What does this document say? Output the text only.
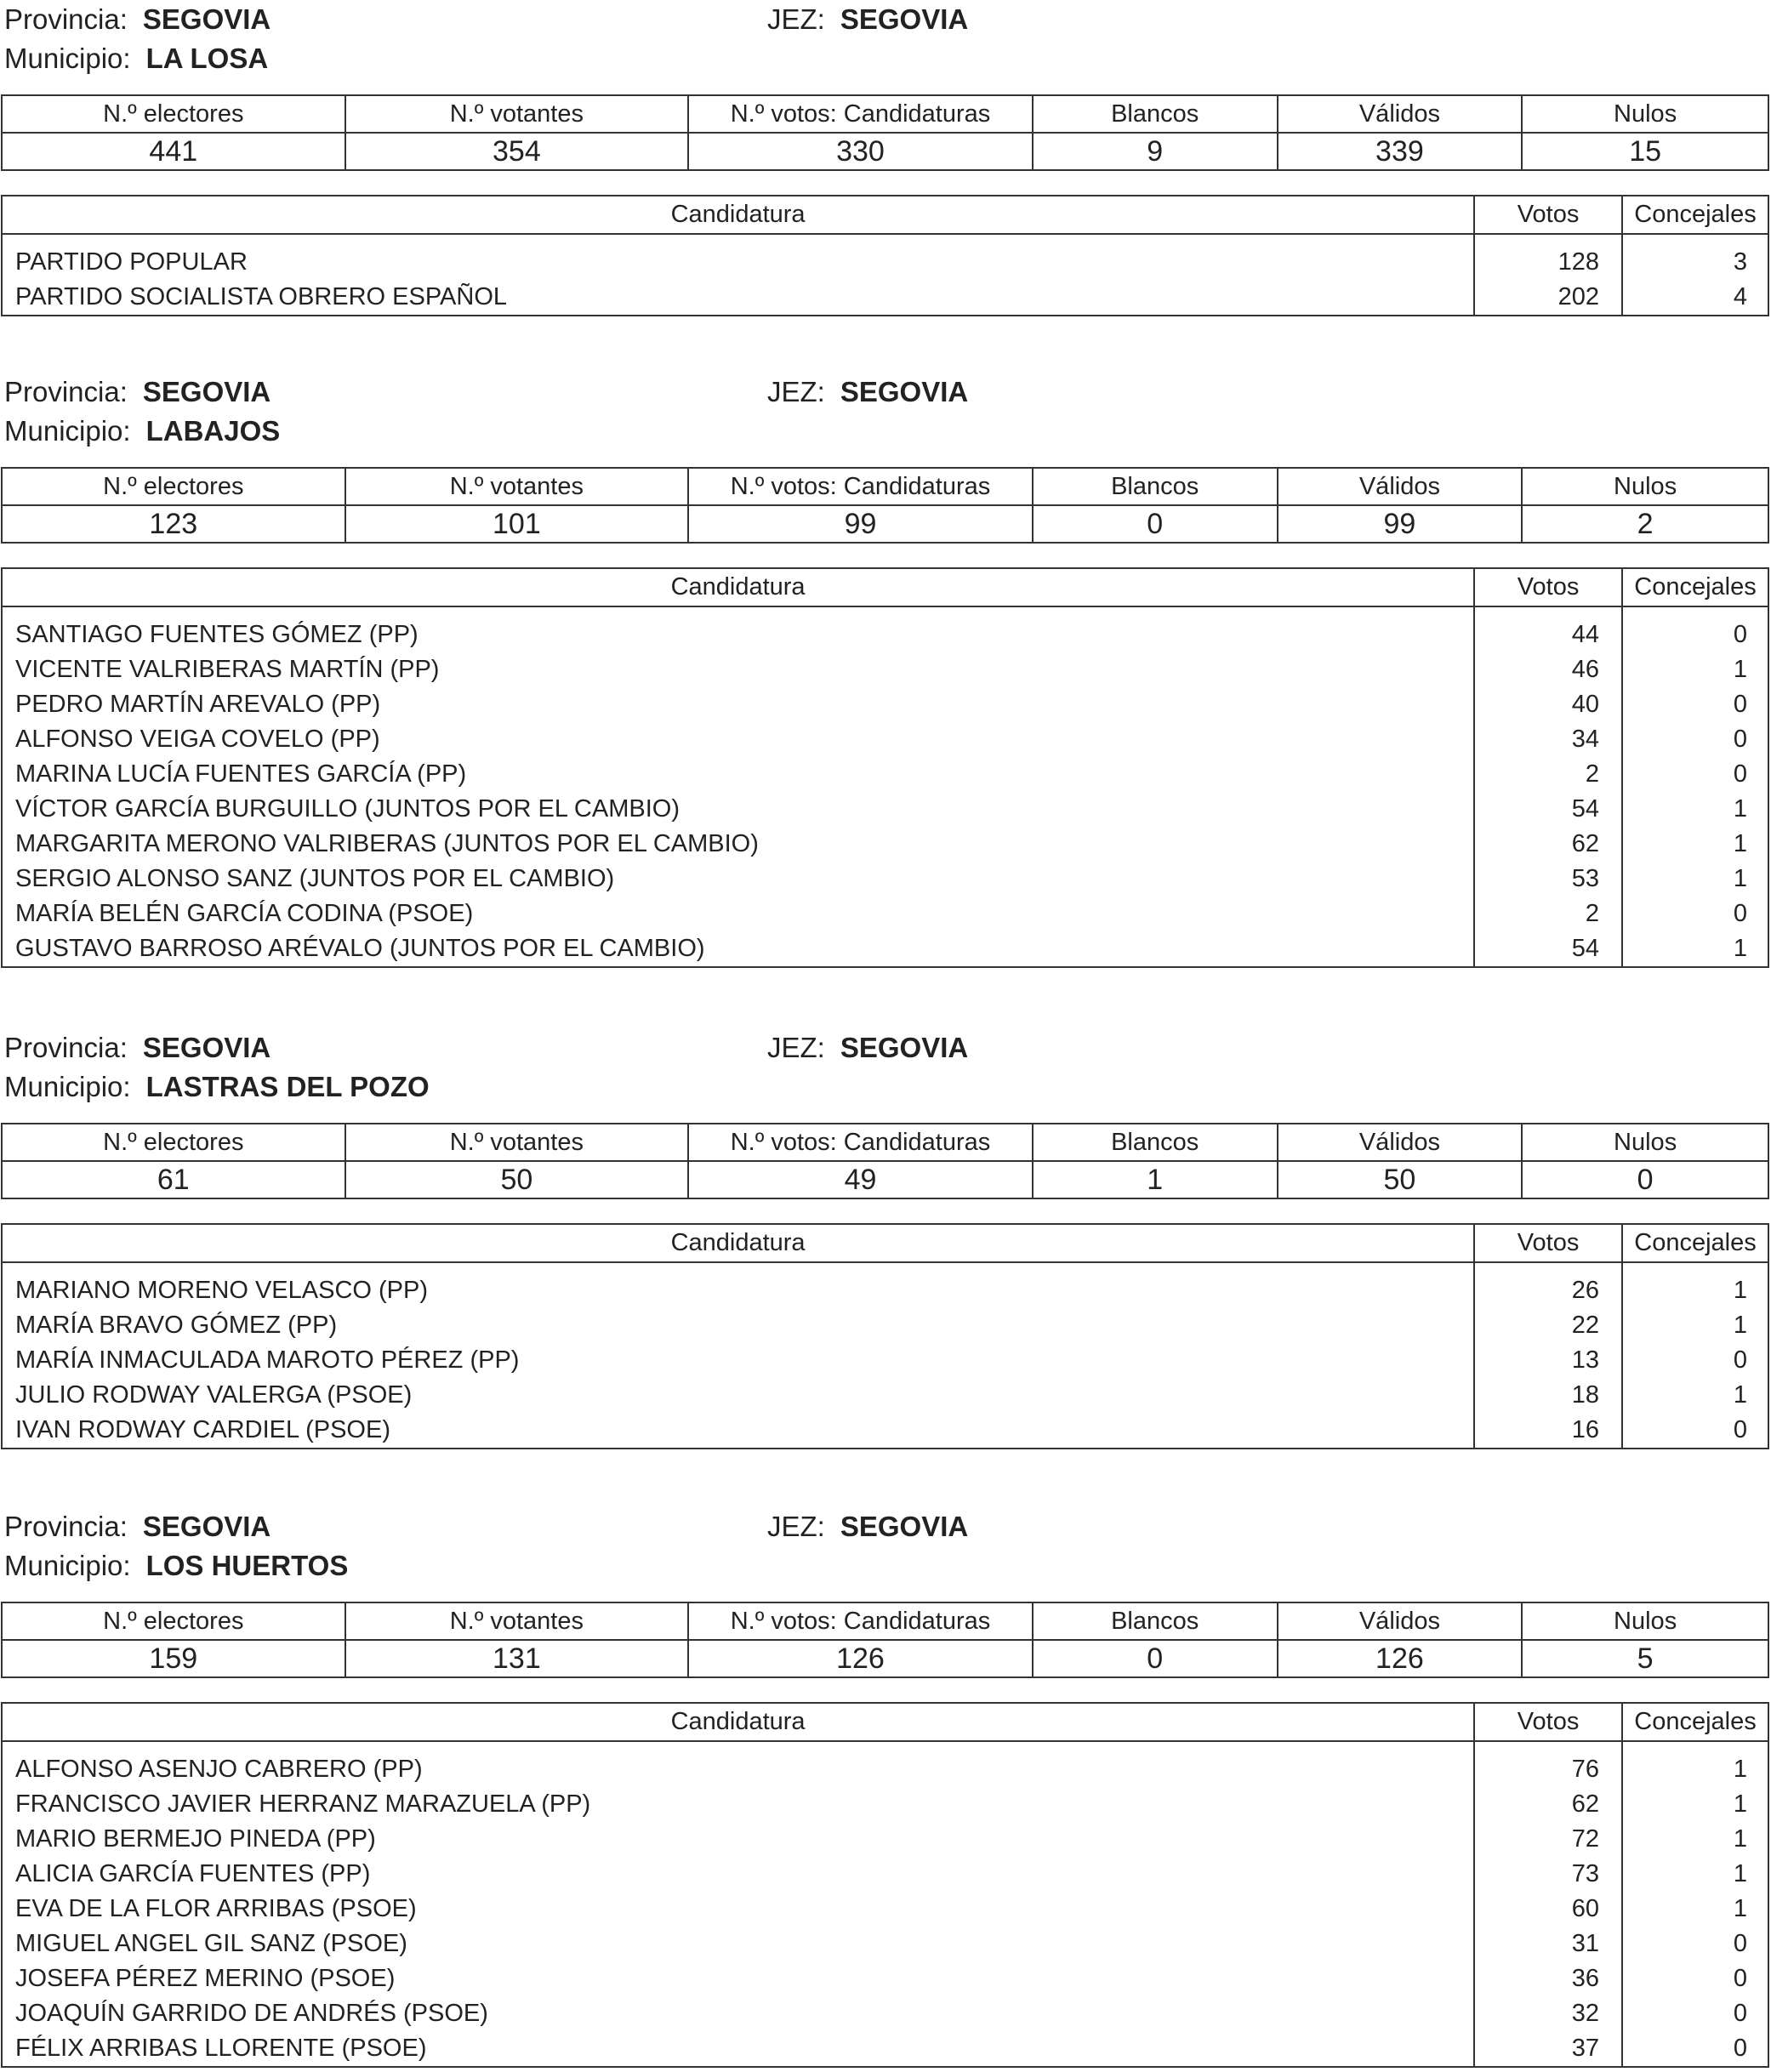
Provincia: SEGOVIA	JEZ: SEGOVIA
Municipio: LA LOSA
N.º electores	N.º votantes	N.º votos: Candidaturas	Blancos	Válidos	Nulos
441	354	330	9	339	15
Candidatura	Votos	Concejales
PARTIDO POPULAR	128	3
PARTIDO SOCIALISTA OBRERO ESPAÑOL	202	4
Provincia: SEGOVIA	JEZ: SEGOVIA
Municipio: LABAJOS
N.º electores	N.º votantes	N.º votos: Candidaturas	Blancos	Válidos	Nulos
123	101	99	0	99	2
Candidatura	Votos	Concejales
SANTIAGO FUENTES GÓMEZ (PP)	44	0
VICENTE VALRIBERAS MARTÍN (PP)	46	1
PEDRO MARTÍN AREVALO (PP)	40	0
ALFONSO VEIGA COVELO (PP)	34	0
MARINA LUCÍA FUENTES GARCÍA (PP)	2	0
VÍCTOR GARCÍA BURGUILLO (JUNTOS POR EL CAMBIO)	54	1
MARGARITA MERONO VALRIBERAS (JUNTOS POR EL CAMBIO)	62	1
SERGIO ALONSO SANZ (JUNTOS POR EL CAMBIO)	53	1
MARÍA BELÉN GARCÍA CODINA (PSOE)	2	0
GUSTAVO BARROSO ARÉVALO (JUNTOS POR EL CAMBIO)	54	1
Provincia: SEGOVIA	JEZ: SEGOVIA
Municipio: LASTRAS DEL POZO
N.º electores	N.º votantes	N.º votos: Candidaturas	Blancos	Válidos	Nulos
61	50	49	1	50	0
Candidatura	Votos	Concejales
MARIANO MORENO VELASCO (PP)	26	1
MARÍA BRAVO GÓMEZ (PP)	22	1
MARÍA INMACULADA MAROTO PÉREZ (PP)	13	0
JULIO RODWAY VALERGA (PSOE)	18	1
IVAN RODWAY CARDIEL (PSOE)	16	0
Provincia: SEGOVIA	JEZ: SEGOVIA
Municipio: LOS HUERTOS
N.º electores	N.º votantes	N.º votos: Candidaturas	Blancos	Válidos	Nulos
159	131	126	0	126	5
Candidatura	Votos	Concejales
ALFONSO ASENJO CABRERO (PP)	76	1
FRANCISCO JAVIER HERRANZ MARAZUELA (PP)	62	1
MARIO BERMEJO PINEDA (PP)	72	1
ALICIA GARCÍA FUENTES (PP)	73	1
EVA DE LA FLOR ARRIBAS (PSOE)	60	1
MIGUEL ANGEL GIL SANZ (PSOE)	31	0
JOSEFA PÉREZ MERINO (PSOE)	36	0
JOAQUÍN GARRIDO DE ANDRÉS (PSOE)	32	0
FÉLIX ARRIBAS LLORENTE (PSOE)	37	0
